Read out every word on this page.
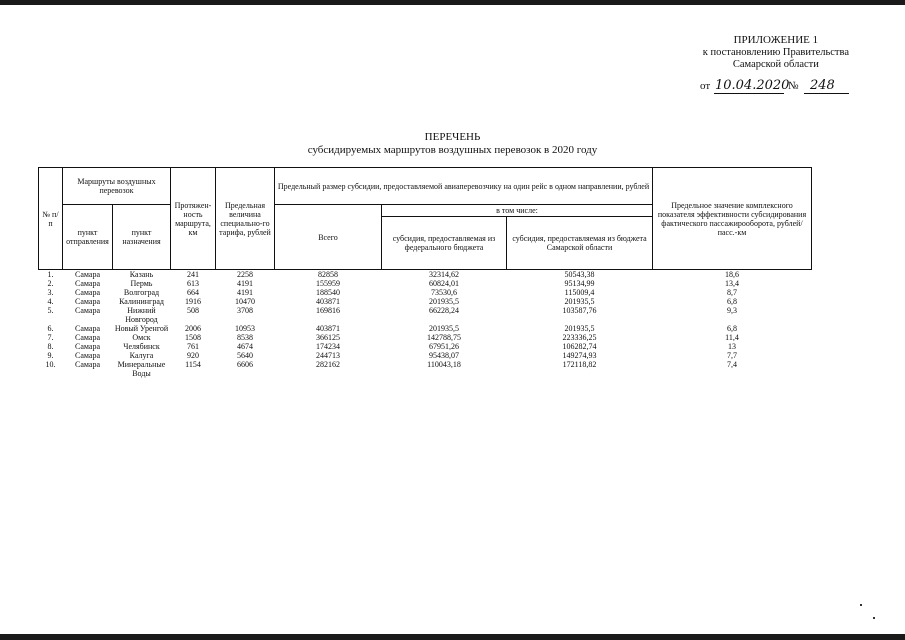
ПРИЛОЖЕНИЕ 1
к постановлению Правительства
Самарской области
от 10.04.2020
№ 248
ПЕРЕЧЕНЬ
субсидируемых маршрутов воздушных перевозок в 2020 году
№ п/п	Маршруты воздушных перевозок		Протяжен-ность маршрута, км	Предельная величина специально-го тарифа, рублей	Предельный размер субсидии, предоставляемой авиаперевозчику на один рейс в одном направлении, рублей			Предельное значение комплексного показателя эффективности субсидирования фактического пассажирооборота, рублей/пасс.-км
	пункт отправления	пункт назначения			Всего	в том числе:		
						субсидия, предоставляемая из федерального бюджета	субсидия, предоставляемая из бюджета Самарской области	
1.	Самара	Казань	241	2258	82858	32314,62	50543,38	18,6
2.	Самара	Пермь	613	4191	155959	60824,01	95134,99	13,4
3.	Самара	Волгоград	664	4191	188540	73530,6	115009,4	8,7
4.	Самара	Калининград	1916	10470	403871	201935,5	201935,5	6,8
5.	Самара	Нижний Новгород	508	3708	169816	66228,24	103587,76	9,3
6.	Самара	Новый Уренгой	2006	10953	403871	201935,5	201935,5	6,8
7.	Самара	Омск	1508	8538	366125	142788,75	223336,25	11,4
8.	Самара	Челябинск	761	4674	174234	67951,26	106282,74	13
9.	Самара	Калуга	920	5640	244713	95438,07	149274,93	7,7
10.	Самара	Минеральные Воды	1154	6606	282162	110043,18	172118,82	7,4
